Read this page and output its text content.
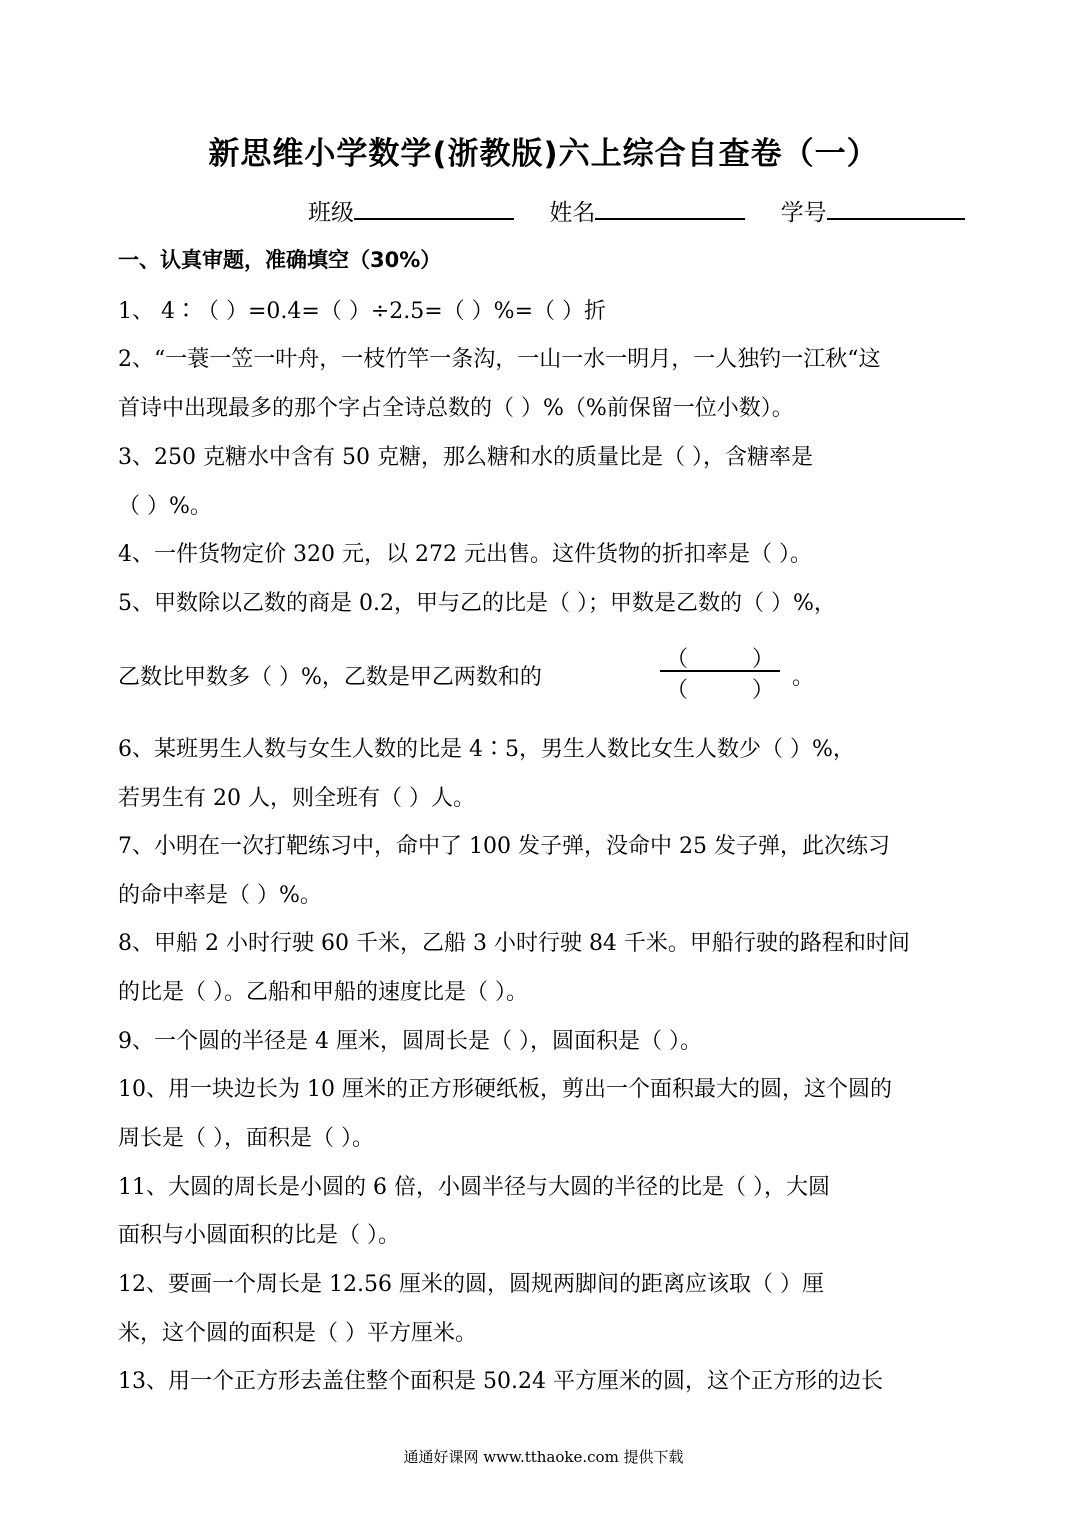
新思维小学数学(浙教版)六上综合自查卷（一）
班级	姓名	学号
一、认真审题，准确填空（30%）
1、 4∶（ ）=0.4=（ ）÷2.5=（ ）%=（ ）折
2、“一蓑一笠一叶舟，一枝竹竿一条沟，一山一水一明月，一人独钓一江秋“这
首诗中出现最多的那个字占全诗总数的（ ）%（%前保留一位小数）。
3、250 克糖水中含有 50 克糖，那么糖和水的质量比是（ ），含糖率是
（ ）%。
4、一件货物定价 320 元，以 272 元出售。这件货物的折扣率是（ ）。
5、甲数除以乙数的商是 0.2，甲与乙的比是（ ）；甲数是乙数的（ ）%，
乙数比甲数多（ ）%，乙数是甲乙两数和的
（	）
（	）
。
6、某班男生人数与女生人数的比是 4∶5，男生人数比女生人数少（ ）%，
若男生有 20 人，则全班有（ ）人。
7、小明在一次打靶练习中，命中了 100 发子弹，没命中 25 发子弹，此次练习
的命中率是（ ）%。
8、甲船 2 小时行驶 60 千米，乙船 3 小时行驶 84 千米。甲船行驶的路程和时间
的比是（ ）。乙船和甲船的速度比是（ ）。
9、一个圆的半径是 4 厘米，圆周长是（ ），圆面积是（ ）。
10、用一块边长为 10 厘米的正方形硬纸板，剪出一个面积最大的圆，这个圆的
周长是（ ），面积是（ ）。
11、大圆的周长是小圆的 6 倍，小圆半径与大圆的半径的比是（ ），大圆
面积与小圆面积的比是（ ）。
12、要画一个周长是 12.56 厘米的圆，圆规两脚间的距离应该取（ ）厘
米，这个圆的面积是（ ）平方厘米。
13、用一个正方形去盖住整个面积是 50.24 平方厘米的圆，这个正方形的边长
通通好课网 www.tthaoke.com 提供下载
